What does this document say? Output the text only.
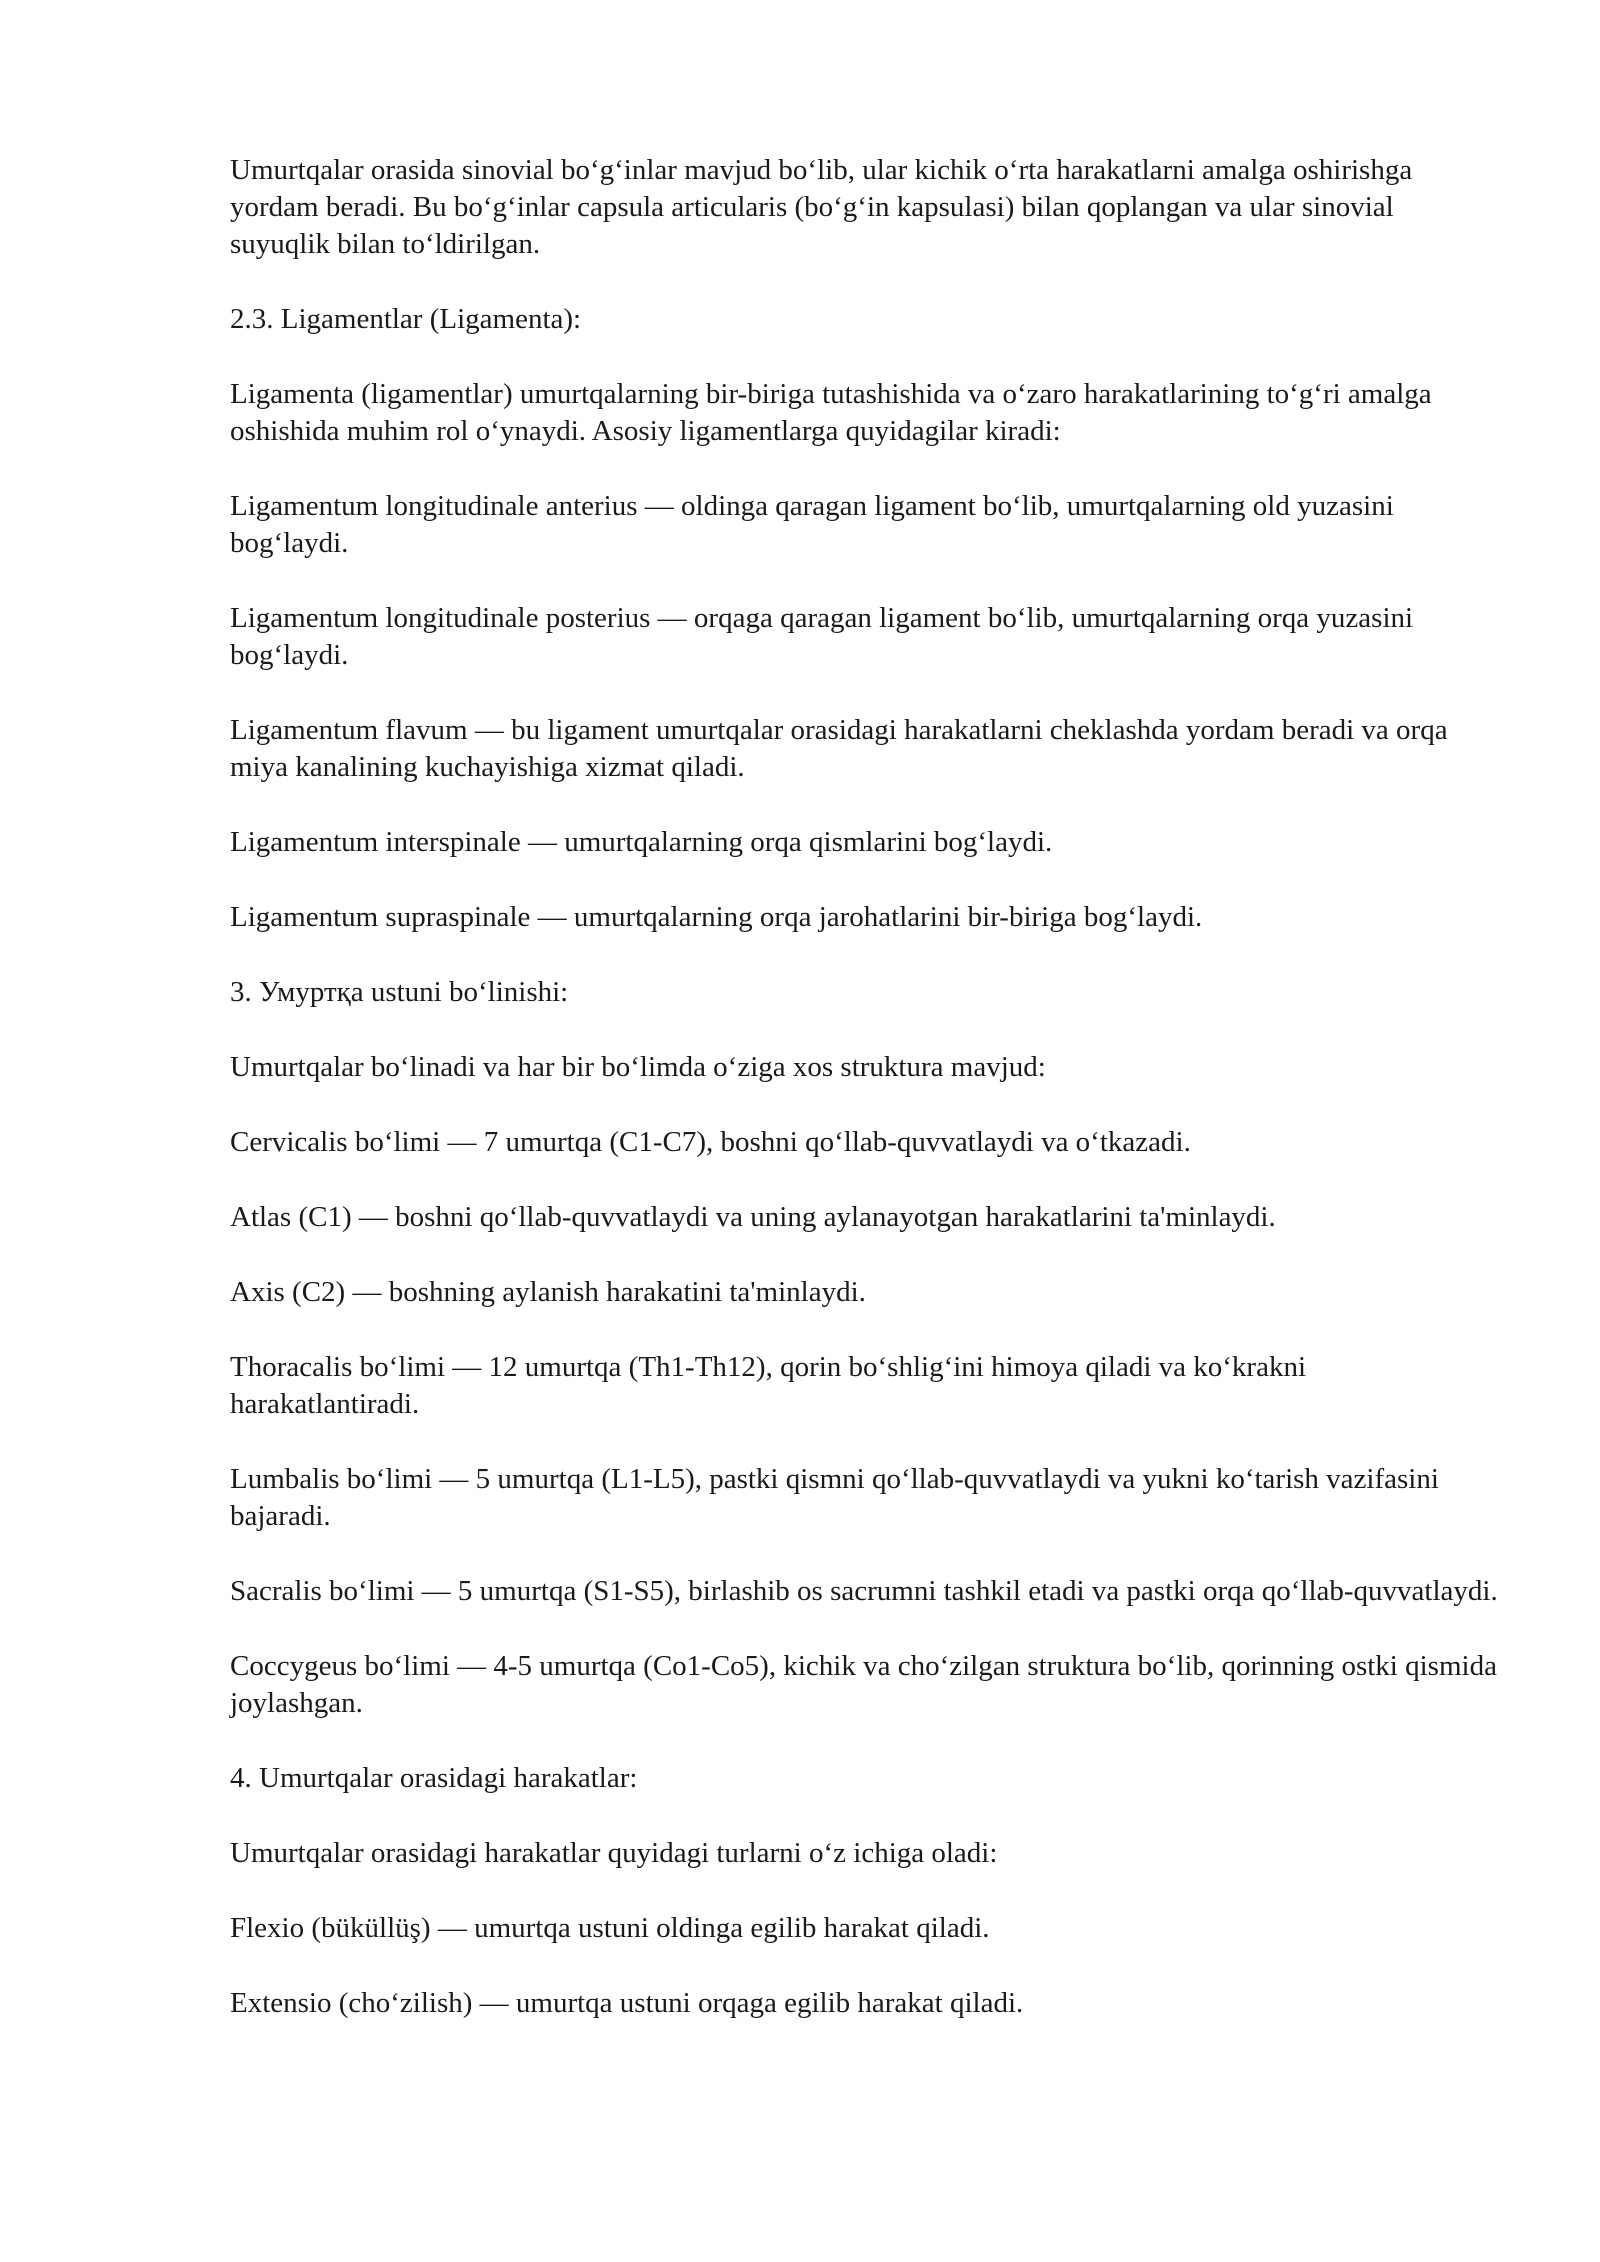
Umurtqalar orasida sinovial boʻgʻinlar mavjud boʻlib, ular kichik oʻrta harakatlarni amalga oshirishga yordam beradi. Bu boʻgʻinlar capsula articularis (boʻgʻin kapsulasi) bilan qoplangan va ular sinovial suyuqlik bilan toʻldirilgan.

2.3. Ligamentlar (Ligamenta):

Ligamenta (ligamentlar) umurtqalarning bir-biriga tutashishida va oʻzaro harakatlarining toʻgʻri amalga oshishida muhim rol oʻynaydi. Asosiy ligamentlarga quyidagilar kiradi:

Ligamentum longitudinale anterius — oldinga qaragan ligament boʻlib, umurtqalarning old yuzasini bogʻlaydi.

Ligamentum longitudinale posterius — orqaga qaragan ligament boʻlib, umurtqalarning orqa yuzasini bogʻlaydi.

Ligamentum flavum — bu ligament umurtqalar orasidagi harakatlarni cheklashda yordam beradi va orqa miya kanalining kuchayishiga xizmat qiladi.

Ligamentum interspinale — umurtqalarning orqa qismlarini bogʻlaydi.

Ligamentum supraspinale — umurtqalarning orqa jarohatlarini bir-biriga bogʻlaydi.

3. Умуртқа ustuni boʻlinishi:

Umurtqalar boʻlinadi va har bir boʻlimda oʻziga xos struktura mavjud:

Cervicalis boʻlimi — 7 umurtqa (C1-C7), boshni qoʻllab-quvvatlaydi va oʻtkazadi.

Atlas (C1) — boshni qoʻllab-quvvatlaydi va uning aylanayotgan harakatlarini ta'minlaydi.

Axis (C2) — boshning aylanish harakatini ta'minlaydi.

Thoracalis boʻlimi — 12 umurtqa (Th1-Th12), qorin boʻshligʻini himoya qiladi va koʻkrakni harakatlantiradi.

Lumbalis boʻlimi — 5 umurtqa (L1-L5), pastki qismni qoʻllab-quvvatlaydi va yukni koʻtarish vazifasini bajaradi.

Sacralis boʻlimi — 5 umurtqa (S1-S5), birlashib os sacrumni tashkil etadi va pastki orqa qoʻllab-quvvatlaydi.

Coccygeus boʻlimi — 4-5 umurtqa (Co1-Co5), kichik va choʻzilgan struktura boʻlib, qorinning ostki qismida joylashgan.

4. Umurtqalar orasidagi harakatlar:

Umurtqalar orasidagi harakatlar quyidagi turlarni oʻz ichiga oladi:

Flexio (büküllüş) — umurtqa ustuni oldinga egilib harakat qiladi.

Extensio (choʻzilish) — umurtqa ustuni orqaga egilib harakat qiladi.
